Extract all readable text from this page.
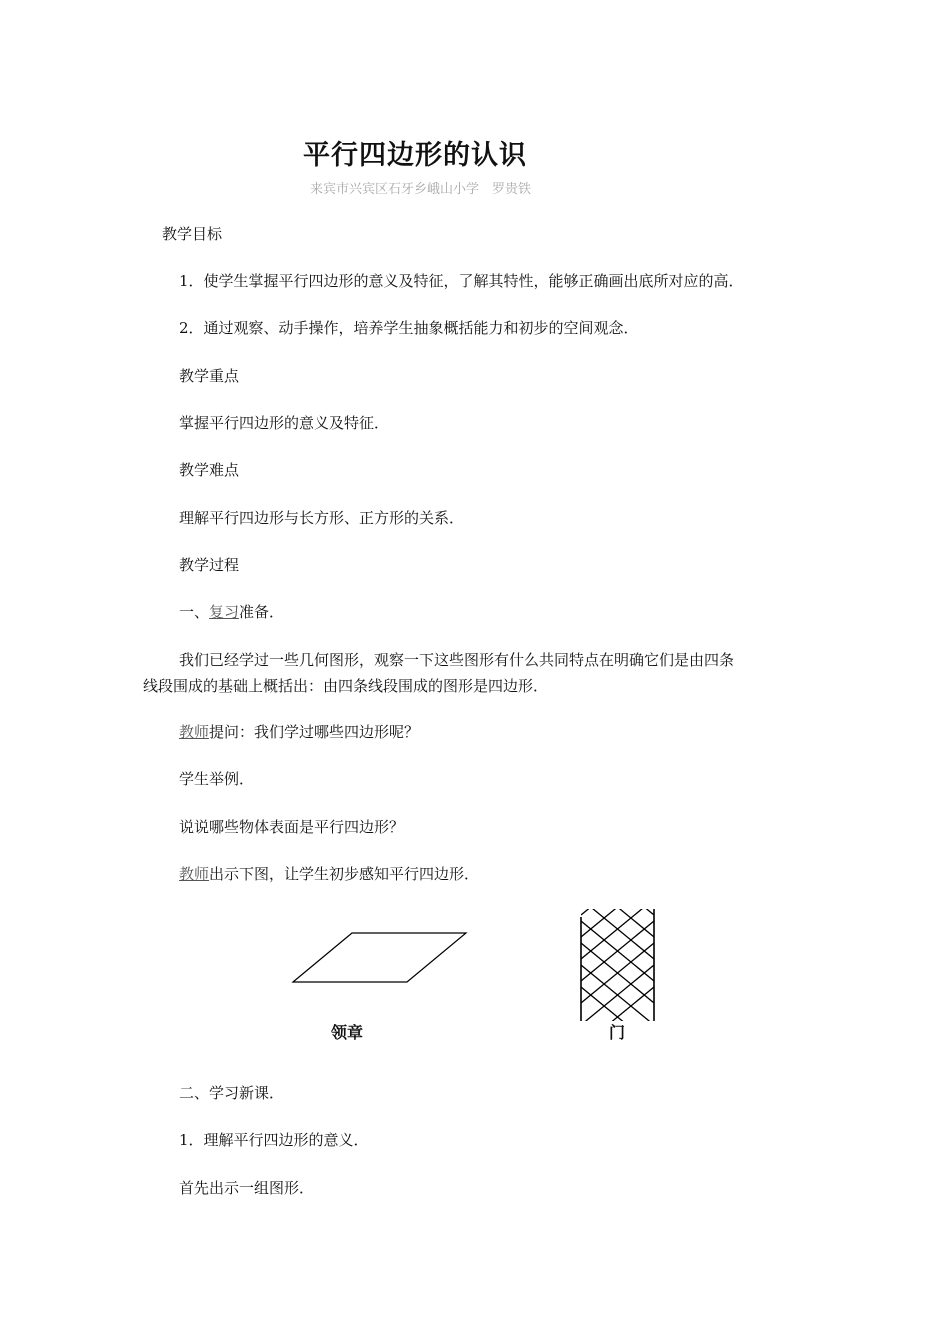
平行四边形的认识
来宾市兴宾区石牙乡峨山小学　罗贵铁
教学目标
1．使学生掌握平行四边形的意义及特征，了解其特性，能够正确画出底所对应的高．
2．通过观察、动手操作，培养学生抽象概括能力和初步的空间观念．
教学重点
掌握平行四边形的意义及特征．
教学难点
理解平行四边形与长方形、正方形的关系．
教学过程
一、复习准备．
我们已经学过一些几何图形，观察一下这些图形有什么共同特点在明确它们是由四条
线段围成的基础上概括出：由四条线段围成的图形是四边形．
教师提问：我们学过哪些四边形呢？
学生举例．
说说哪些物体表面是平行四边形？
教师出示下图，让学生初步感知平行四边形．
领章	门
二、学习新课．
1．理解平行四边形的意义．
首先出示一组图形．
